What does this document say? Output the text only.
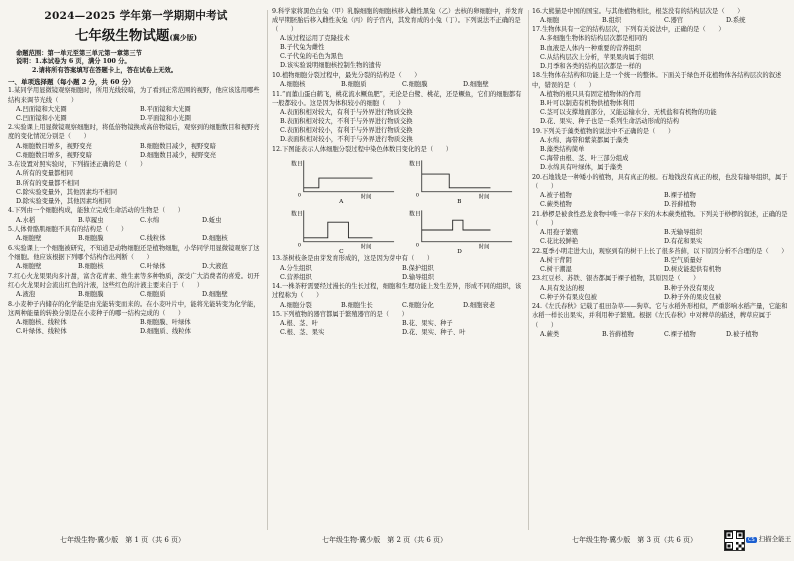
2024—2025 学年第一学期期中考试
七年级生物试题(冀少版)
命题范围：第一单元至第三单元第一章第三节
说明：1.本试卷为 6 页，满分 100 分。
2.请将所有答案填写在答题卡上，答在试卷上无效。
一、单项选择题（每小题 2 分，共 60 分）
1.某同学用显微镜观察细胞时，所用光线较暗，为了看到正常范围的视野，他应该选用哪些结构来调节光线（　　）
A.凹面镜和大光圈	B.平面镜和大光圈
C.凹面镜和小光圈	D.平面镜和小光圈
2.实验课上用显微镜观察细胞时，将低倍物镜换成高倍物镜后，观察到的细胞数目和视野亮度的变化情况分别是（　　）
A.细胞数目增多，视野变亮	B.细胞数目减少，视野变暗
C.细胞数目增多，视野变暗	D.细胞数目减少，视野变亮
3.在设置对照实验时，下列描述正确的是（　　）
A.所有的变量都相同
B.所有的变量都不相同
C.除实验变量外，其他因素均不相同
D.除实验变量外，其他因素均相同
4.下列由一个细胞构成，能独立完成生命活动的生物是（　　）
A.水稻	B.草履虫	C.水绵	D.蚯虫
5.人体骨骼肌细胞不具有的结构是（　　）
A.细胞壁	B.细胞膜	C.线粒体	D.细胞核
6.实验课上一个细胞被研究，不知道是动物细胞还是植物细胞，小华同学用显微镜观察了这个细胞。他应该根据下列哪个结构作出判断（　　）
A.细胞壁	B.细胞核	C.叶绿体	D.大液泡
7.红心火龙果果肉多汁甜，富含花青素、维生素等多种物质，深受广大消费者的喜爱。切开红心火龙果时会流出红色的汁液，这些红色的汁液主要来自于（　　）
A.液泡	B.细胞膜	C.细胞质	D.细胞壁
8.小麦种子内储存的化学能是由光能转变而来的。在小麦叶片中，能将光能转变为化学能，这两种能量的转换分别是在小麦种子的哪一结构完成的（　　）
A.细胞核、线粒体	B.细胞膜、叶绿体
C.叶绿体、线粒体	D.细胞质、线粒体
9.科学家将黑色白兔（甲）乳腺细胞的细胞核移入雌性黑兔（乙）去核的卵细胞中，并发育成早期胚胎后移入雌性灰兔（丙）的子宫内，其发育成的小兔（丁）。下列说法不正确的是（　　）
A.该过程运用了克隆技术
B.子代兔为雌性
C.子代兔的毛色为黑色
D.该实验说明细胞核控制生物的遗传
10.植物细胞分裂过程中，最先分裂的结构是（　　）
A.细胞核	B.细胞质	C.细胞膜	D.细胞壁
11.“而董山蛋白鹤飞，桃花流水鳜鱼肥”，无论是白鹭、桃花，还是鳜鱼，它们的细胞都有一般都较小。这是因为体积较小的细胞（　　）
A.表面积相对较大，有利于与外界进行物质交换
B.表面积相对较大，不利于与外界进行物质交换
C.表面积相对较小，有利于与外界进行物质交换
D.表面积相对较小，不利于与外界进行物质交换
12.下图能表示人体细胞分裂过程中染色体数目变化的是（　　）
数目
0	时间
A
数目
0	时间
B
数目
0	时间
C
数目
0	时间
D
13.茶树枝条是由芽发育形成的，这是因为芽中有（　　）
A.分生组织	B.保护组织
C.营养组织	D.输导组织
14.一株茶籽需要经过漫长的生长过程，细胞和生理功能上发生差异，形成不同的组织，该过程称为（　　）
A.细胞分裂	B.细胞生长	C.细胞分化	D.细胞衰老
15.下列植物的器官都属于繁殖器官的是（　　）
A.根、茎、叶	B.花、果实、种子
C.根、茎、果实	D.花、果实、种子、叶
16.大熊猫是中国的国宝。与其他植物相比，根茎没有的结构层次是（　　）
A.细胞	B.组织	C.器官	D.系统
17.生物体具有一定的结构层次，下列有关说法中，正确的是（　　）
A.多细胞生物体的结构层次都是相同的
B.血液是人体内一种重要的营养组织
C.从结构层次上分析，苹果果肉属于组织
D.月季和各类的结构层次都是一样的
18.生物体在结构和功能上是一个统一的整体。下面关于绿色开花植物体各结构层次的叙述中，错误的是（　　）
A.植物的根只具有固定植物体的作用
B.叶可以制造有机物供植物体利用
C.茎可以支撑地面部分，又能运输水分、无机盐和有机物的功能
D.花、果实、种子也是一系列生命活动形成的结构
19.下列关于藻类植物的说法中不正确的是（　　）
A.水绵、海带和紫菜都属于藻类
B.藻类结构简单
C.海带由根、茎、叶三部分组成
D.水绵具有叶绿体，属于藻类
20.石地钱是一种矮小的植物，具有真正的根。石地钱没有真正的根，也没有输导组织，属于（　　）
A.被子植物	B.裸子植物
C.蕨类植物	D.苔藓植物
21.桫椤是被食性恐龙食物中唯一幸存下来的木本蕨类植物。下列关于桫椤的叙述，正确的是（　　）
A.用孢子繁殖	B.无输导组织
C.花比较鲜艳	D.有花和果实
22.夏季小明走进大山，观察到有的树干上长了很多苔藓，以下原因分析不合理的是（　　）
A.树干背阴	B.空气质量好
C.树干潮湿	D.树皮能提供有机物
23.红豆杉、苏铁、银杏都属于裸子植物，其原因是（　　）
A.具有发达的根	B.种子外没有果皮
C.种子外有果皮包被	D.种子外的果皮包被
24.《左氏春秋》记载了祖田杂草——狗草。它与水稻外形相似，严重影响水稻产量，它能和水稻一样长出果实，并利用种子繁殖。根据《左氏春秋》中对稗草的描述，稗草应属于（　　）
A.蕨类	B.苔藓植物	C.裸子植物	D.被子植物
七年级生物·冀少版　第 1 页（共 6 页）	七年级生物·冀少版　第 2 页（共 6 页）	七年级生物·冀少版　第 3 页（共 6 页）	CS 扫描全能王
